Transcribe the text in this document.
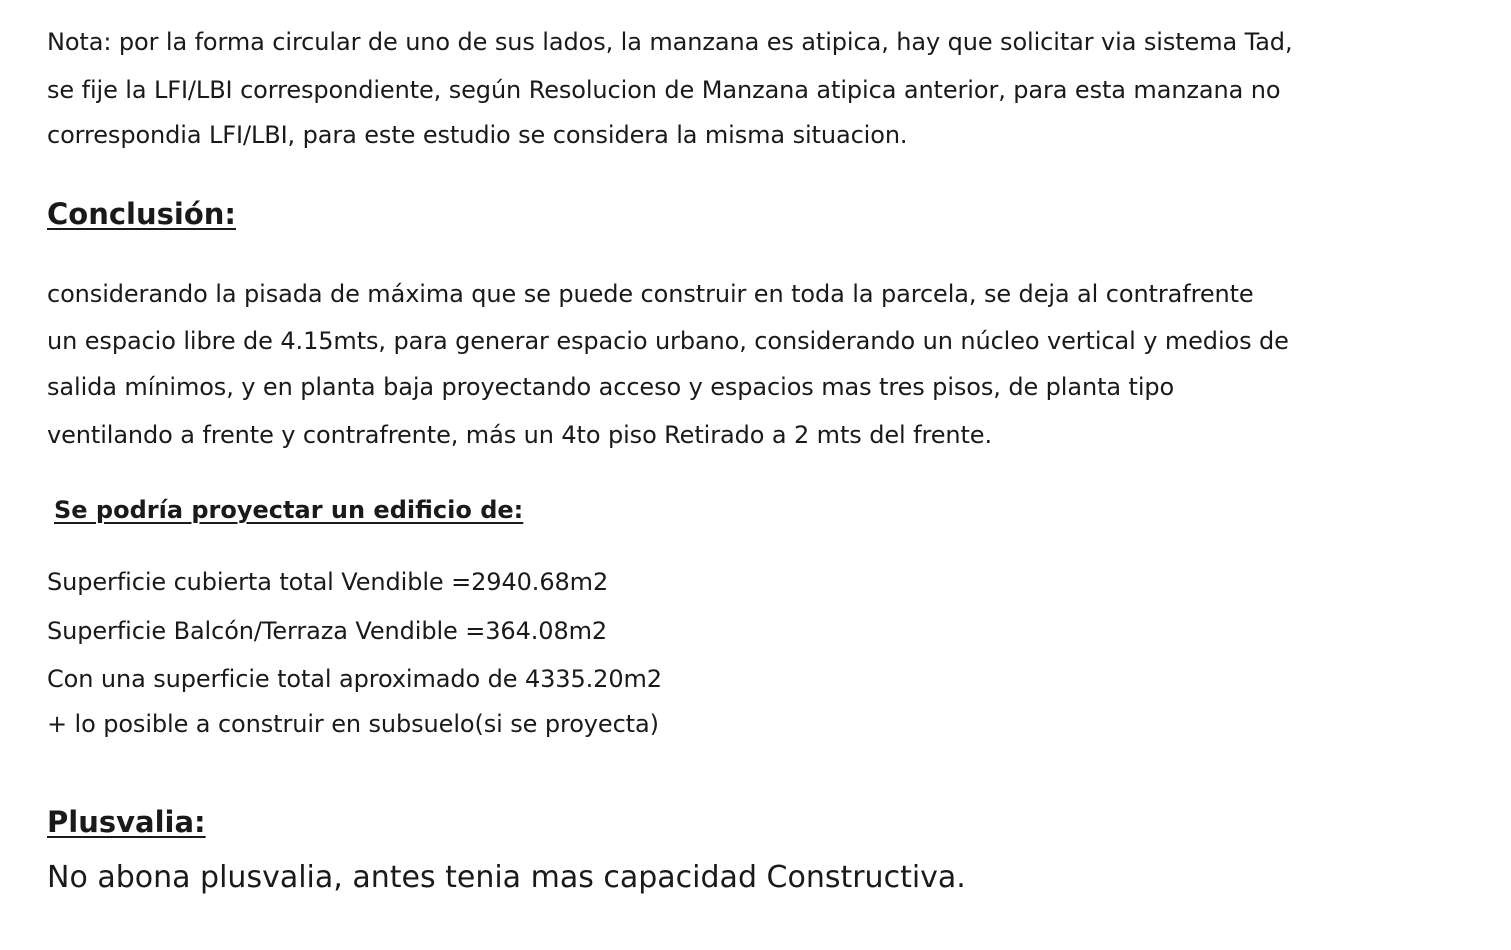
Nota: por la forma circular de uno de sus lados, la manzana es atipica, hay que solicitar via sistema Tad,
se fije la LFI/LBI correspondiente, según Resolucion de Manzana atipica anterior, para esta manzana no
correspondia LFI/LBI, para este estudio se considera la misma situacion.
Conclusión:
considerando la pisada de máxima que se puede construir en toda la parcela, se deja al contrafrente
un espacio libre de 4.15mts, para generar espacio urbano, considerando un núcleo vertical y medios de
salida mínimos, y en planta baja proyectando acceso y espacios mas tres pisos, de planta tipo
ventilando a frente y contrafrente, más un 4to piso Retirado a 2 mts del frente.
Se podría proyectar un edificio de:
Superficie cubierta total Vendible =2940.68m2
Superficie Balcón/Terraza Vendible =364.08m2
Con una superficie total aproximado de 4335.20m2
+ lo posible a construir en subsuelo(si se proyecta)
Plusvalia:
No abona plusvalia, antes tenia mas capacidad Constructiva.
